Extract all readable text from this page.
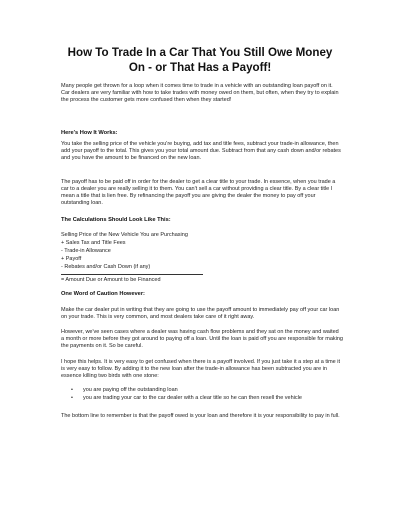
How To Trade In a Car That You Still Owe Money
On - or That Has a Payoff!

Many people get thrown for a loop when it comes time to trade in a vehicle with an outstanding loan payoff on it. Car dealers are very familiar with how to take trades with money owed on them, but often, when they try to explain the process the customer gets more confused then when they started!

Here's How It Works:

You take the selling price of the vehicle you're buying, add tax and title fees, subtract your trade-in allowance, then add your payoff to the total. This gives you your total amount due. Subtract from that any cash down and/or rebates and you have the amount to be financed on the new loan.

The payoff has to be paid off in order for the dealer to get a clear title to your trade. In essence, when you trade a car to a dealer you are really selling it to them. You can't sell a car without providing a clear title. By a clear title I mean a title that is lien free. By refinancing the payoff you are giving the dealer the money to pay off your outstanding loan.

The Calculations Should Look Like This:

Selling Price of the New Vehicle You are Purchasing
+ Sales Tax and Title Fees
- Trade-in Allowance
+ Payoff
- Rebates and/or Cash Down (if any)
= Amount Due or Amount to be Financed

One Word of Caution However:

Make the car dealer put in writing that they are going to use the payoff amount to immediately pay off your car loan on your trade. This is very common, and most dealers take care of it right away.

However, we've seen cases where a dealer was having cash flow problems and they sat on the money and waited a month or more before they got around to paying off a loan. Until the loan is paid off you are responsible for making the payments on it. So be careful.

I hope this helps. It is very easy to get confused when there is a payoff involved. If you just take it a step at a time it is very easy to follow. By adding it to the new loan after the trade-in allowance has been subtracted you are in essence killing two birds with one stone:

• you are paying off the outstanding loan
• you are trading your car to the car dealer with a clear title so he can then resell the vehicle

The bottom line to remember is that the payoff owed is your loan and therefore it is your responsibility to pay in full.
